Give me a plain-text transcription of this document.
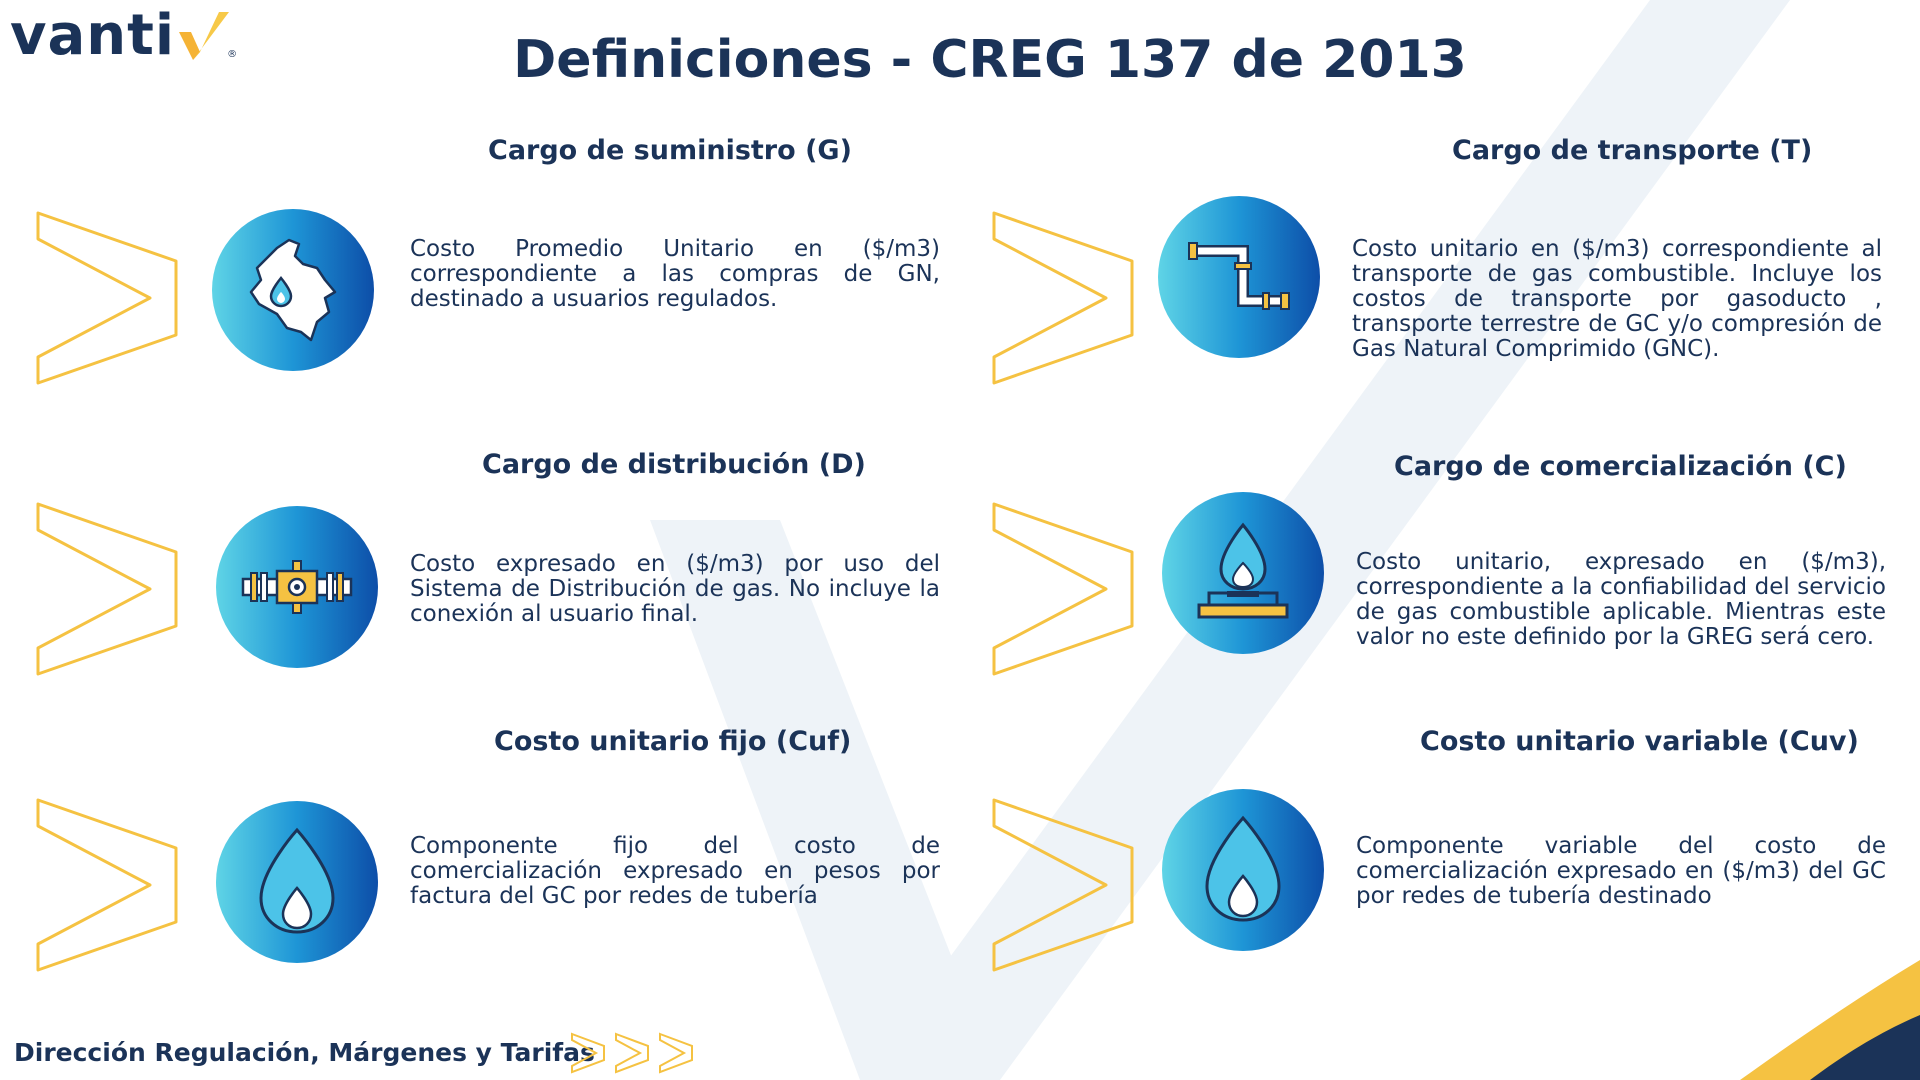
vanti	®	Definiciones - CREG 137 de 2013
Cargo de suministro (G)
Costo Promedio Unitario en ($/m3) correspondiente a las compras de GN, destinado a usuarios regulados.
Cargo de transporte (T)
Costo unitario en ($/m3) correspondiente al transporte de gas combustible. Incluye los costos de transporte por gasoducto , transporte terrestre de GC y/o compresión de Gas Natural Comprimido (GNC).
Cargo de distribución (D)
Costo expresado en ($/m3) por uso del Sistema de Distribución de gas. No incluye la conexión al usuario final.
Cargo de comercialización (C)
Costo unitario, expresado en ($/m3), correspondiente a la confiabilidad del servicio de gas combustible aplicable. Mientras este valor no este definido por la GREG será cero.
Costo unitario fijo (Cuf)
Componente fijo del costo de comercialización expresado en pesos por factura del GC por redes de tubería
Costo unitario variable (Cuv)
Componente variable del costo de comercialización expresado en ($/m3) del GC por redes de tubería destinado
Dirección Regulación, Márgenes y Tarifas
